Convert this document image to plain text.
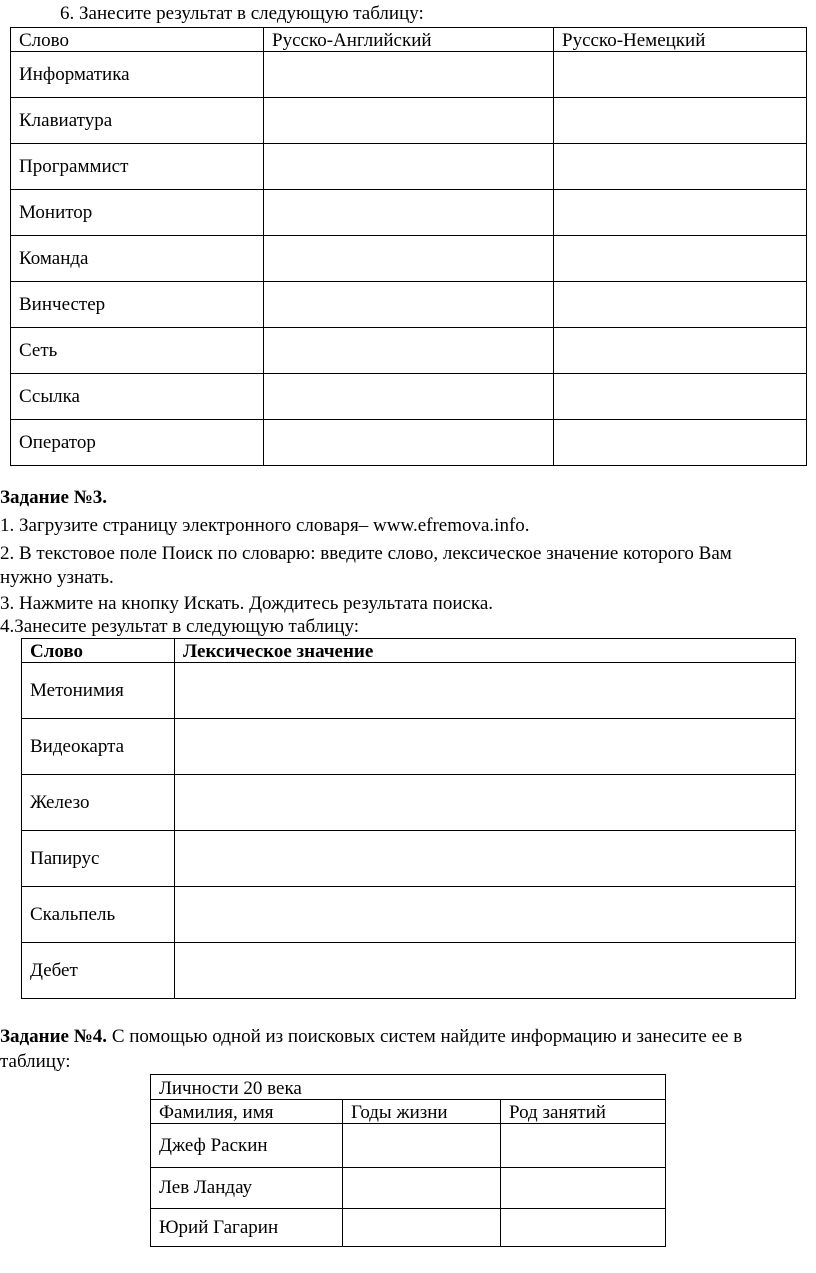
6. Занесите результат в следующую таблицу:
Слово	Русско-Английский	Русско-Немецкий
Информатика		
Клавиатура		
Программист		
Монитор		
Команда		
Винчестер		
Сеть		
Ссылка		
Оператор		
Задание №3.
1. Загрузите страницу электронного словаря– www.efremova.info.
2. В текстовое поле Поиск по словарю: введите слово, лексическое значение которого Вам
нужно узнать.
3. Нажмите на кнопку Искать. Дождитесь результата поиска.
4.Занесите результат в следующую таблицу:
Слово	Лексическое значение
Метонимия	
Видеокарта	
Железо	
Папирус	
Скальпель	
Дебет	
Задание №4. С помощью одной из поисковых систем найдите информацию и занесите ее в
таблицу:
Личности 20 века		
Фамилия, имя	Годы жизни	Род занятий
Джеф Раскин		
Лев Ландау		
Юрий Гагарин		
